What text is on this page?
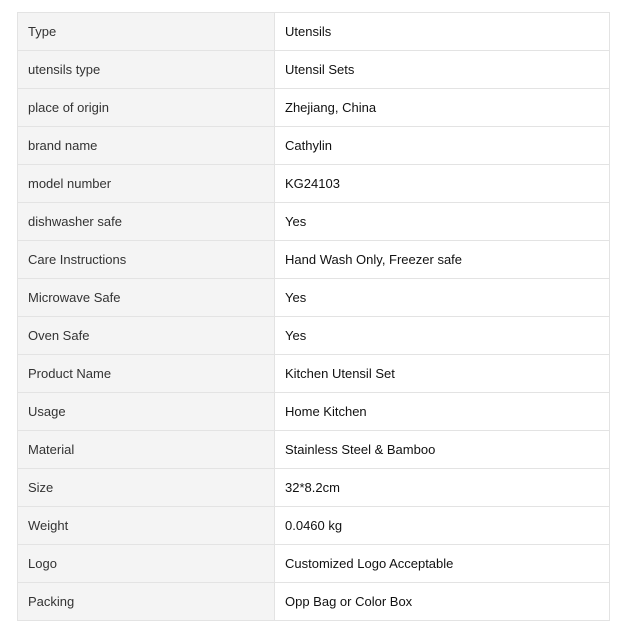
Type	Utensils
utensils type	Utensil Sets
place of origin	Zhejiang, China
brand name	Cathylin
model number	KG24103
dishwasher safe	Yes
Care Instructions	Hand Wash Only, Freezer safe
Microwave Safe	Yes
Oven Safe	Yes
Product Name	Kitchen Utensil Set
Usage	Home Kitchen
Material	Stainless Steel & Bamboo
Size	32*8.2cm
Weight	0.0460 kg
Logo	Customized Logo Acceptable
Packing	Opp Bag or Color Box
